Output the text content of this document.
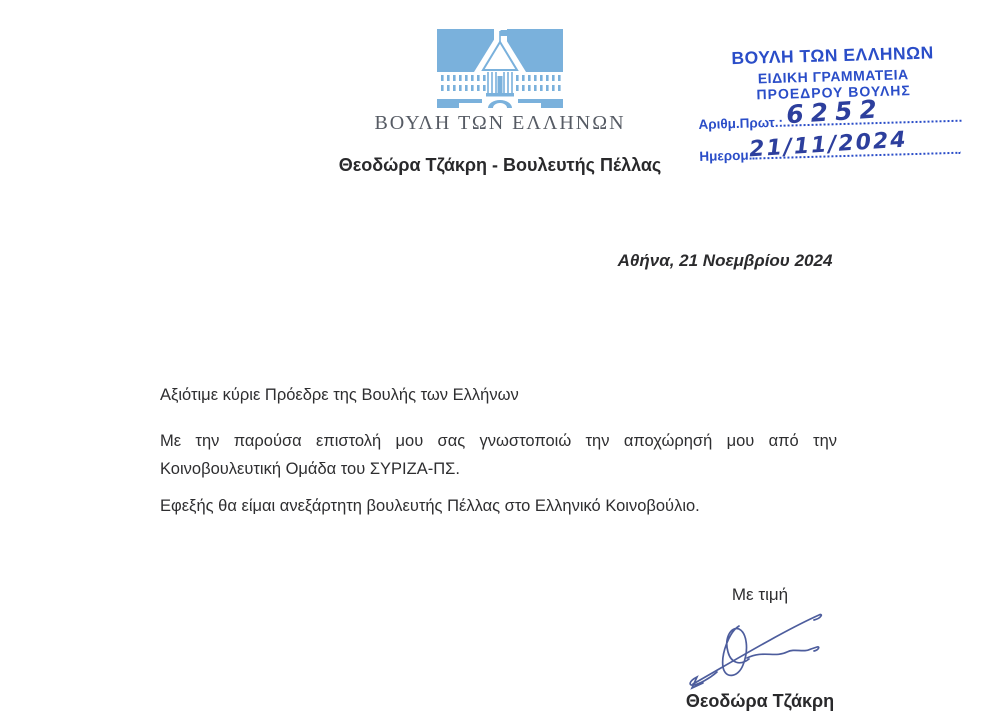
ΒΟΥΛΗ ΤΩΝ ΕΛΛΗΝΩΝ
Θεοδώρα Τζάκρη - Βουλευτής Πέλλας
ΒΟΥΛΗ ΤΩΝ ΕΛΛΗΝΩΝ
ΕΙΔΙΚΗ ΓΡΑΜΜΑΤΕΙΑ
ΠΡΟΕΔΡΟΥ ΒΟΥΛΗΣ
Αριθμ.Πρωτ.: 6252
Ημερομ.
21/11/2024
Αθήνα, 21 Νοεμβρίου 2024
Αξιότιμε κύριε Πρόεδρε της Βουλής των Ελλήνων
Με την παρούσα επιστολή μου σας γνωστοποιώ την αποχώρησή μου από την Κοινοβουλευτική Ομάδα του ΣΥΡΙΖΑ-ΠΣ.
Εφεξής θα είμαι ανεξάρτητη βουλευτής Πέλλας στο Ελληνικό Κοινοβούλιο.
Με τιμή
Θεοδώρα Τζάκρη
